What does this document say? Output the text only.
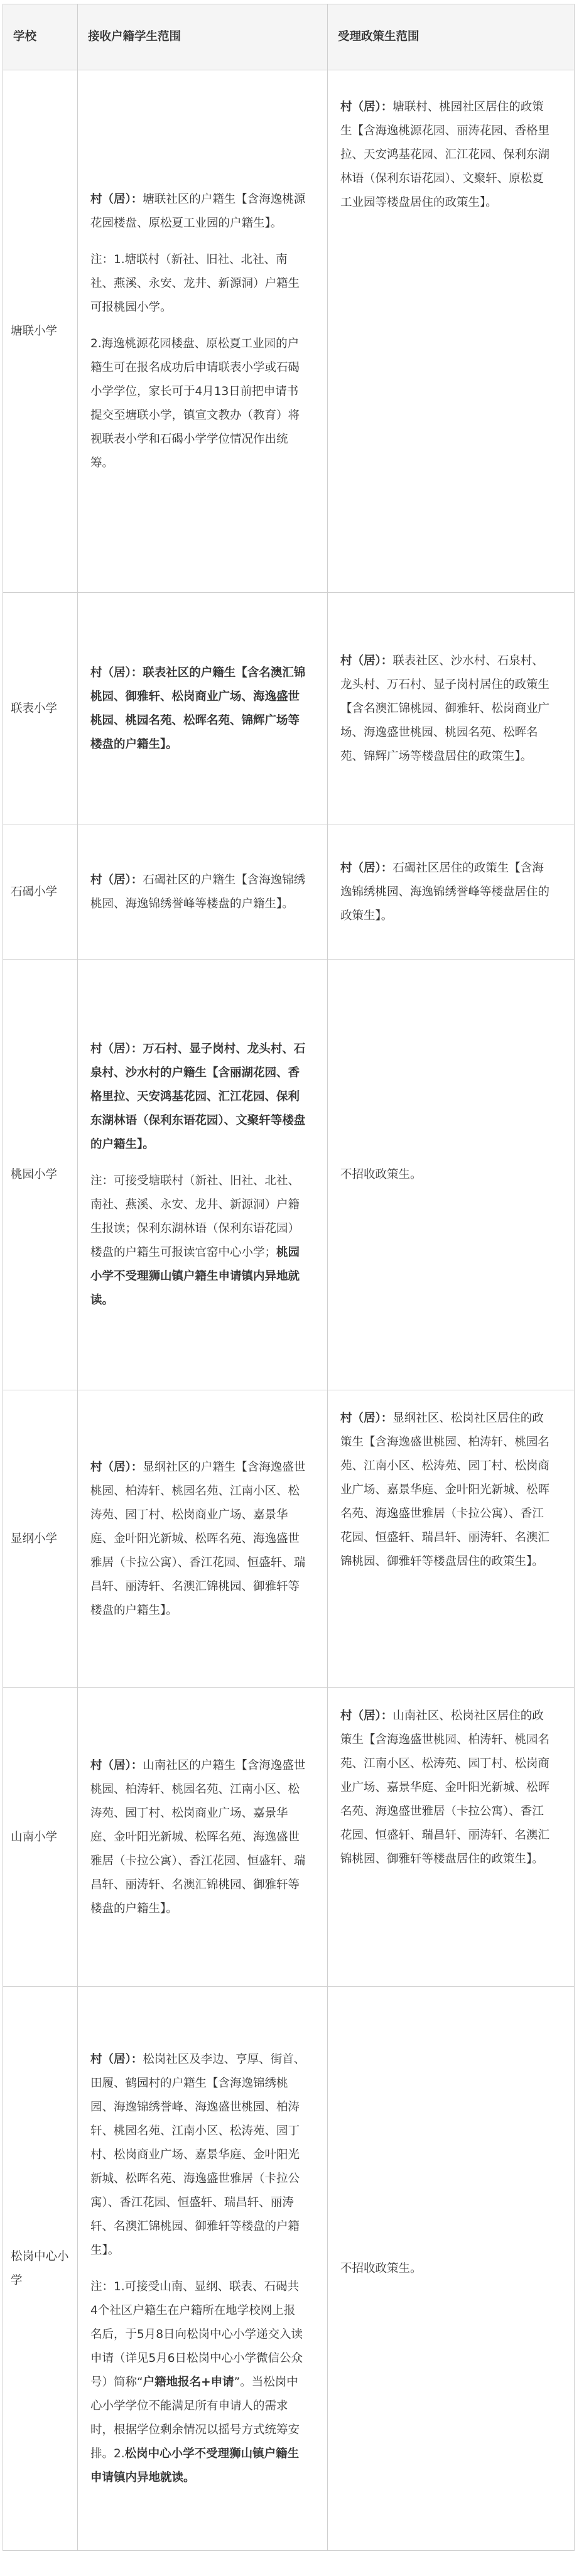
学校	接收户籍学生范围	受理政策生范围
塘联小学	村（居）：塘联社区的户籍生【含海逸桃源花园楼盘、原松夏工业园的户籍生】。

注：1.塘联村（新社、旧社、北社、南社、燕溪、永安、龙井、新源洞）户籍生可报桃园小学。

2.海逸桃源花园楼盘、原松夏工业园的户籍生可在报名成功后申请联表小学或石碣小学学位，家长可于4月13日前把申请书提交至塘联小学，镇宣文教办（教育）将视联表小学和石碣小学学位情况作出统筹。	村（居）：塘联村、桃园社区居住的政策生【含海逸桃源花园、丽涛花园、香格里拉、天安鸿基花园、汇江花园、保利东湖林语（保利东语花园）、文聚轩、原松夏工业园等楼盘居住的政策生】。

联表小学	村（居）：联表社区的户籍生【含名澳汇锦桃园、御雅轩、松岗商业广场、海逸盛世桃园、桃园名苑、松晖名苑、锦辉广场等楼盘的户籍生】。	村（居）：联表社区、沙水村、石泉村、龙头村、万石村、显子岗村居住的政策生【含名澳汇锦桃园、御雅轩、松岗商业广场、海逸盛世桃园、桃园名苑、松晖名苑、锦辉广场等楼盘居住的政策生】。

石碣小学	村（居）：石碣社区的户籍生【含海逸锦绣桃园、海逸锦绣誉峰等楼盘的户籍生】。	村（居）：石碣社区居住的政策生【含海逸锦绣桃园、海逸锦绣誉峰等楼盘居住的政策生】。

桃园小学	村（居）：万石村、显子岗村、龙头村、石泉村、沙水村的户籍生【含丽湖花园、香格里拉、天安鸿基花园、汇江花园、保利东湖林语（保利东语花园）、文聚轩等楼盘的户籍生】。

注：可接受塘联村（新社、旧社、北社、南社、燕溪、永安、龙井、新源洞）户籍生报读；保利东湖林语（保利东语花园）楼盘的户籍生可报读官窑中心小学；桃园小学不受理狮山镇户籍生申请镇内异地就读。	不招收政策生。

显纲小学	村（居）：显纲社区的户籍生【含海逸盛世桃园、柏涛轩、桃园名苑、江南小区、松涛苑、园丁村、松岗商业广场、嘉景华庭、金叶阳光新城、松晖名苑、海逸盛世雅居（卡拉公寓）、香江花园、恒盛轩、瑞昌轩、丽涛轩、名澳汇锦桃园、御雅轩等楼盘的户籍生】。	村（居）：显纲社区、松岗社区居住的政策生【含海逸盛世桃园、柏涛轩、桃园名苑、江南小区、松涛苑、园丁村、松岗商业广场、嘉景华庭、金叶阳光新城、松晖名苑、海逸盛世雅居（卡拉公寓）、香江花园、恒盛轩、瑞昌轩、丽涛轩、名澳汇锦桃园、御雅轩等楼盘居住的政策生】。

山南小学	村（居）：山南社区的户籍生【含海逸盛世桃园、柏涛轩、桃园名苑、江南小区、松涛苑、园丁村、松岗商业广场、嘉景华庭、金叶阳光新城、松晖名苑、海逸盛世雅居（卡拉公寓）、香江花园、恒盛轩、瑞昌轩、丽涛轩、名澳汇锦桃园、御雅轩等楼盘的户籍生】。	村（居）：山南社区、松岗社区居住的政策生【含海逸盛世桃园、柏涛轩、桃园名苑、江南小区、松涛苑、园丁村、松岗商业广场、嘉景华庭、金叶阳光新城、松晖名苑、海逸盛世雅居（卡拉公寓）、香江花园、恒盛轩、瑞昌轩、丽涛轩、名澳汇锦桃园、御雅轩等楼盘居住的政策生】。

松岗中心小学	村（居）：松岗社区及李边、亨厚、街首、田履、鹤园村的户籍生【含海逸锦绣桃园、海逸锦绣誉峰、海逸盛世桃园、柏涛轩、桃园名苑、江南小区、松涛苑、园丁村、松岗商业广场、嘉景华庭、金叶阳光新城、松晖名苑、海逸盛世雅居（卡拉公寓）、香江花园、恒盛轩、瑞昌轩、丽涛轩、名澳汇锦桃园、御雅轩等楼盘的户籍生】。

注：1.可接受山南、显纲、联表、石碣共4个社区户籍生在户籍所在地学校网上报名后，于5月8日向松岗中心小学递交入读申请（详见5月6日松岗中心小学微信公众号）简称“户籍地报名+申请”。当松岗中心小学学位不能满足所有申请人的需求时，根据学位剩余情况以摇号方式统筹安排。2.松岗中心小学不受理狮山镇户籍生申请镇内异地就读。	不招收政策生。
